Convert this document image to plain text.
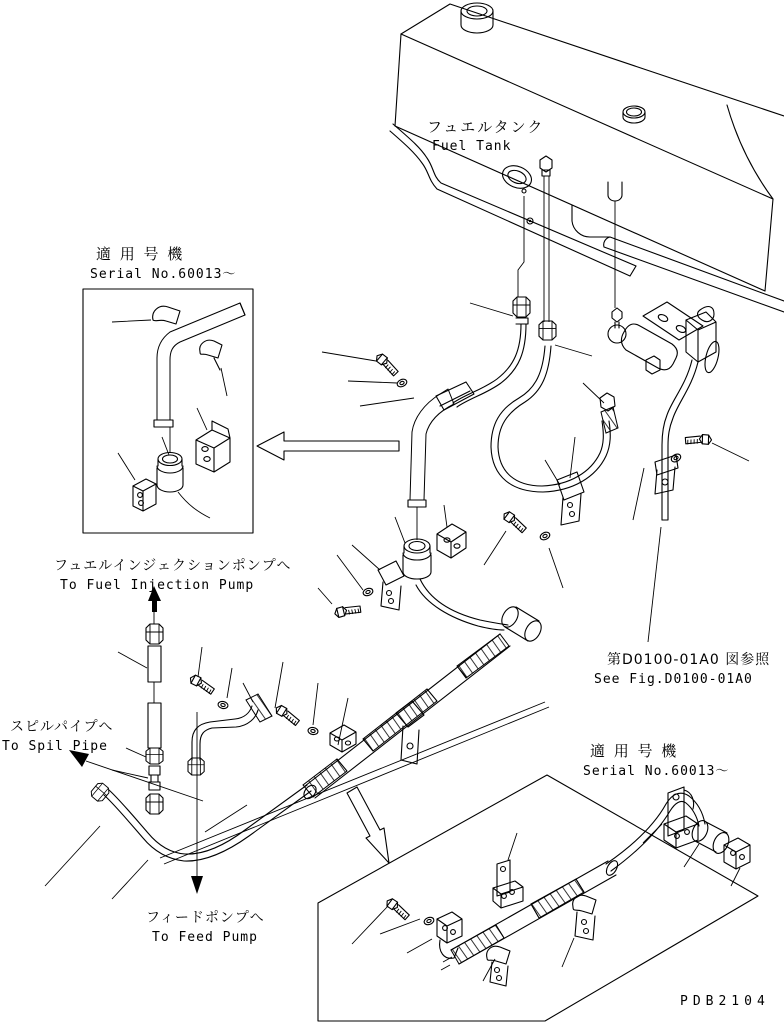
フュエルタンク
Fuel Tank
適 用 号 機
Serial No.60013〜
フュエルインジェクションポンプへ
To Fuel Injection Pump
スピルパイプへ
To Spil Pipe
フィードポンプへ
To Feed Pump
第D0100-01A0 図参照
See Fig.D0100-01A0
適 用 号 機
Serial No.60013〜
PDB2104
